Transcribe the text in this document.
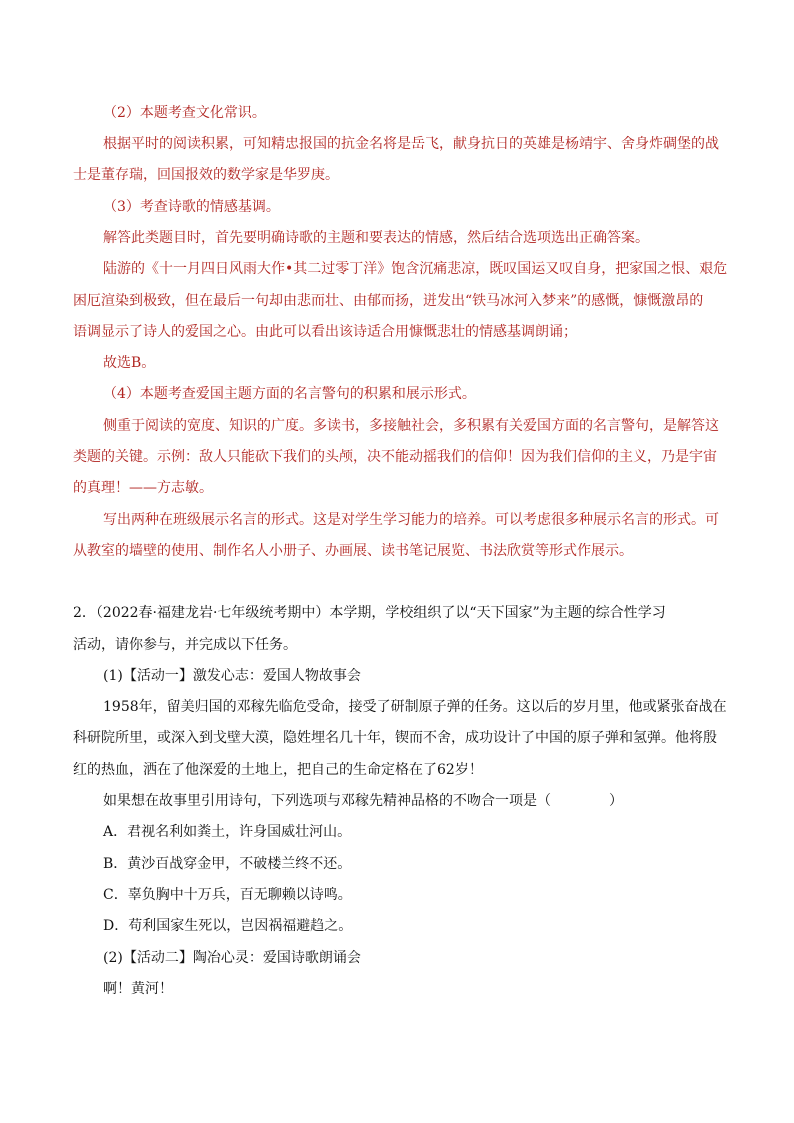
（2）本题考查文化常识。
根据平时的阅读积累，可知精忠报国的抗金名将是岳飞，献身抗日的英雄是杨靖宇、舍身炸碉堡的战
士是董存瑞，回国报效的数学家是华罗庚。
（3）考查诗歌的情感基调。
解答此类题目时，首先要明确诗歌的主题和要表达的情感，然后结合选项选出正确答案。
陆游的《十一月四日风雨大作•其二过零丁洋》饱含沉痛悲凉，既叹国运又叹自身，把家国之恨、艰危
困厄渲染到极致，但在最后一句却由悲而壮、由郁而扬，迸发出“铁马冰河入梦来”的感慨，慷慨激昂的
语调显示了诗人的爱国之心。由此可以看出该诗适合用慷慨悲壮的情感基调朗诵；
故选B。
（4）本题考查爱国主题方面的名言警句的积累和展示形式。
侧重于阅读的宽度、知识的广度。多读书，多接触社会，多积累有关爱国方面的名言警句，是解答这
类题的关键。示例：敌人只能砍下我们的头颅，决不能动摇我们的信仰！因为我们信仰的主义，乃是宇宙
的真理！——方志敏。
写出两种在班级展示名言的形式。这是对学生学习能力的培养。可以考虑很多种展示名言的形式。可
从教室的墙壁的使用、制作名人小册子、办画展、读书笔记展览、书法欣赏等形式作展示。
2．（2022春·福建龙岩·七年级统考期中）本学期，学校组织了以“天下国家”为主题的综合性学习
活动，请你参与，并完成以下任务。
(1)【活动一】激发心志：爱国人物故事会
1958年，留美归国的邓稼先临危受命，接受了研制原子弹的任务。这以后的岁月里，他或紧张奋战在
科研院所里，或深入到戈壁大漠，隐姓埋名几十年，锲而不舍，成功设计了中国的原子弹和氢弹。他将殷
红的热血，洒在了他深爱的土地上，把自己的生命定格在了62岁！
如果想在故事里引用诗句，下列选项与邓稼先精神品格的不吻合一项是（	）
A．君视名利如粪土，许身国威壮河山。
B．黄沙百战穿金甲，不破楼兰终不还。
C．辜负胸中十万兵，百无聊赖以诗鸣。
D．苟利国家生死以，岂因祸福避趋之。
(2)【活动二】陶冶心灵：爱国诗歌朗诵会
啊！黄河！
